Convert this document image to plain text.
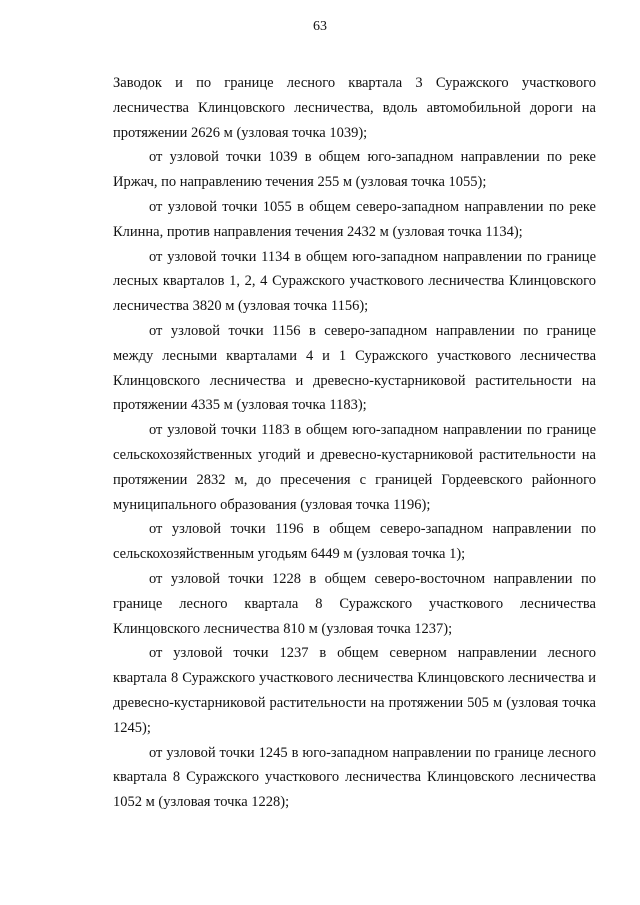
63
Заводок и по границе лесного квартала 3 Суражского участкового
лесничества Клинцовского лесничества, вдоль автомобильной дороги на
протяжении 2626 м (узловая точка 1039);
от узловой точки 1039 в общем юго-западном направлении по реке
Иржач, по направлению течения 255 м (узловая точка 1055);
от узловой точки 1055 в общем северо-западном направлении по реке
Клинна, против направления течения 2432 м (узловая точка 1134);
от узловой точки 1134 в общем юго-западном направлении по границе
лесных кварталов 1, 2, 4 Суражского участкового лесничества Клинцовского
лесничества 3820 м (узловая точка 1156);
от узловой точки 1156 в северо-западном направлении по границе
между лесными кварталами 4 и 1 Суражского участкового лесничества
Клинцовского лесничества и древесно-кустарниковой растительности на
протяжении 4335 м (узловая точка 1183);
от узловой точки 1183 в общем юго-западном направлении по границе
сельскохозяйственных угодий и древесно-кустарниковой растительности на
протяжении 2832 м, до пресечения с границей Гордеевского районного
муниципального образования (узловая точка 1196);
от узловой точки 1196 в общем северо-западном направлении по
сельскохозяйственным угодьям 6449 м (узловая точка 1);
от узловой точки 1228 в общем северо-восточном направлении по
границе лесного квартала 8 Суражского участкового лесничества
Клинцовского лесничества 810 м (узловая точка 1237);
от узловой точки 1237 в общем северном направлении лесного
квартала 8 Суражского участкового лесничества Клинцовского лесничества и
древесно-кустарниковой растительности на протяжении 505 м (узловая точка
1245);
от узловой точки 1245 в юго-западном направлении по границе лесного
квартала 8 Суражского участкового лесничества Клинцовского лесничества
1052 м (узловая точка 1228);
